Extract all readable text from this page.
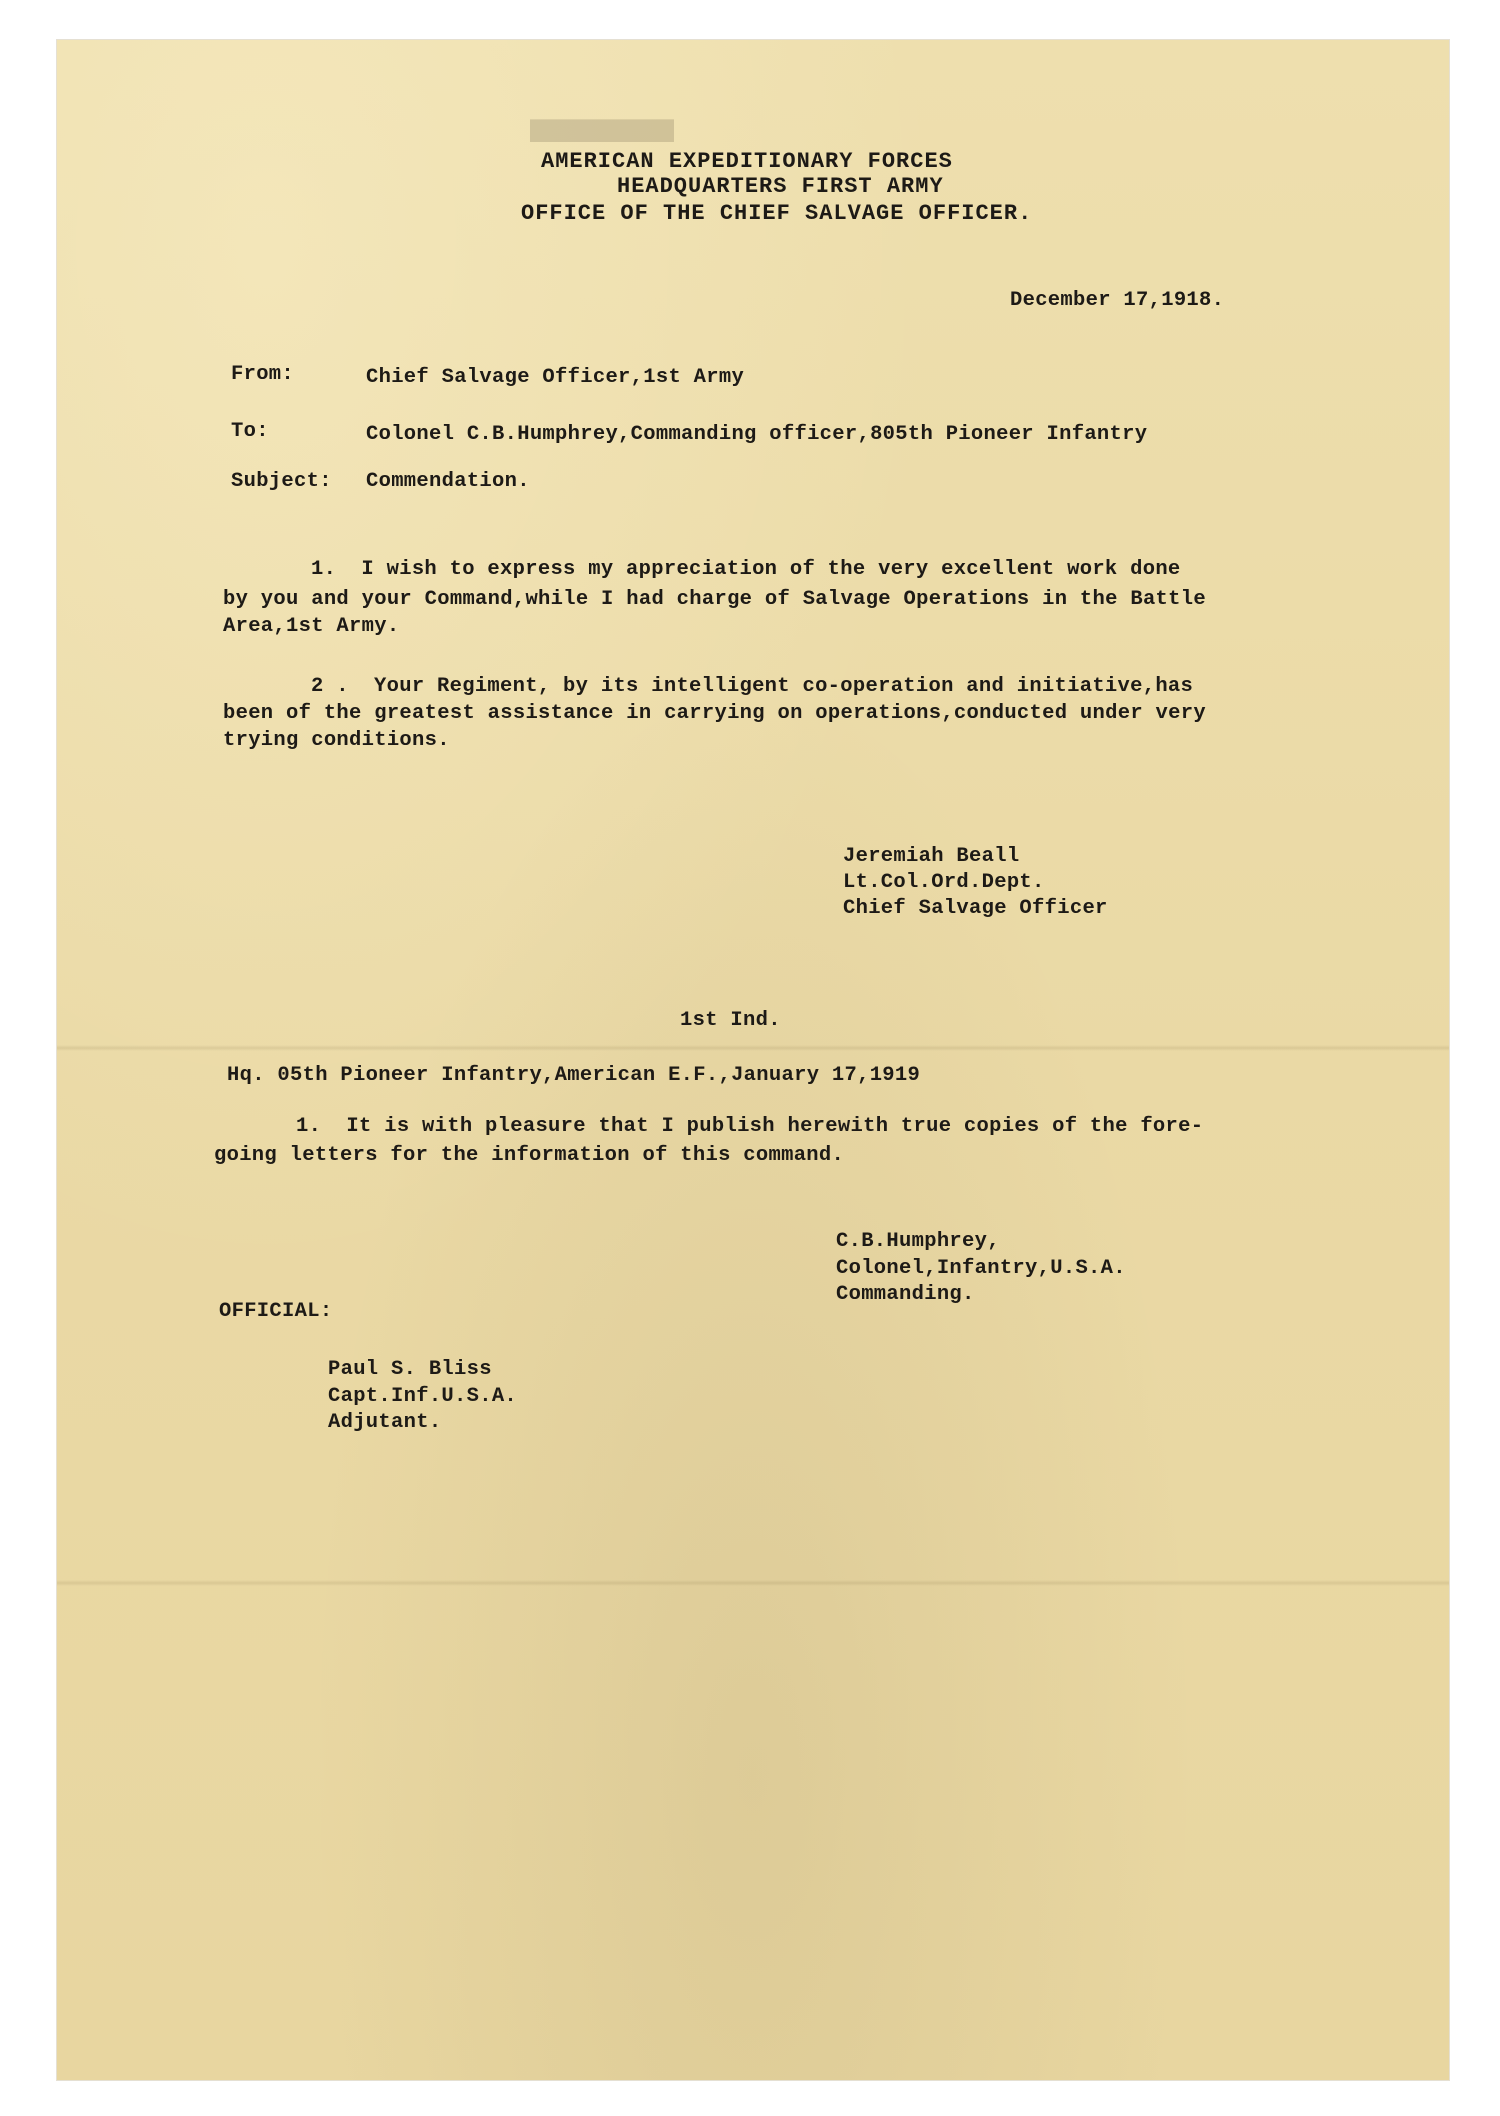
████████████
AMERICAN EXPEDITIONARY FORCES
HEADQUARTERS FIRST ARMY
OFFICE OF THE CHIEF SALVAGE OFFICER.
December 17,1918.
From:	Chief Salvage Officer,1st Army
To:	Colonel C.B.Humphrey,Commanding officer,805th Pioneer Infantry
Subject: Commendation.
1.  I wish to express my appreciation of the very excellent work done
by you and your Command,while I had charge of Salvage Operations in the Battle
Area,1st Army.
2 .  Your Regiment, by its intelligent co-operation and initiative,has
been of the greatest assistance in carrying on operations,conducted under very
trying conditions.
Jeremiah Beall
Lt.Col.Ord.Dept.
Chief Salvage Officer
1st Ind.
Hq. 05th Pioneer Infantry,American E.F.,January 17,1919
1.  It is with pleasure that I publish herewith true copies of the fore-
going letters for the information of this command.
C.B.Humphrey,
Colonel,Infantry,U.S.A.
Commanding.
OFFICIAL:
Paul S. Bliss
Capt.Inf.U.S.A.
Adjutant.
